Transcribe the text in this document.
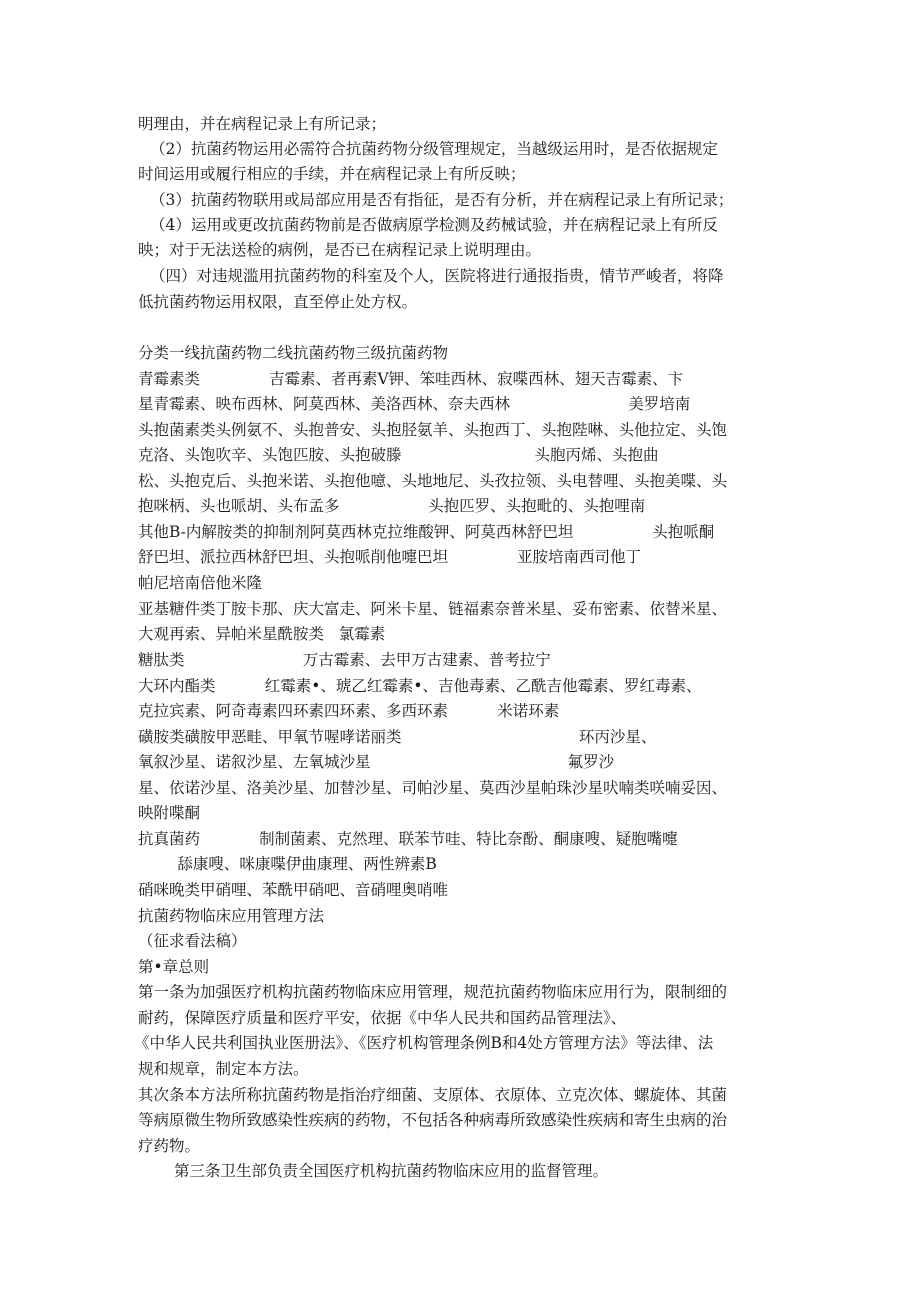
明理由，并在病程记录上有所记录；
（2）抗菌药物运用必需符合抗菌药物分级管理规定，当越级运用时，是否依据规定
时间运用或履行相应的手续，并在病程记录上有所反映；
（3）抗菌药物联用或局部应用是否有指征，是否有分析，并在病程记录上有所记录；
（4）运用或更改抗菌药物前是否做病原学检测及药械试验，并在病程记录上有所反
映；对于无法送检的病例，是否已在病程记录上说明理由。
（四）对违规滥用抗菌药物的科室及个人，医院将进行通报指贵，情节严峻者，将降
低抗菌药物运用权限，直至停止处方权。
分类一线抗菌药物二线抗菌药物三级抗菌药物
青霉素类              吉霉素、者再素V钾、笨哇西林、寂喋西林、翅天吉霉素、卞
星青霉素、映布西林、阿莫西林、美洛西林、奈夫西林                        美罗培南
头抱菌素类头例氨不、头抱普安、头抱胫氨羊、头抱西丁、头抱陛啉、头他拉定、头饱
克洛、头饱吹辛、头饱匹胺、头抱破滕                           头胞丙烯、头抱曲
松、头抱克后、头抱米诺、头抱他噫、头地地尼、头孜拉领、头电替哩、头抱美喋、头
抱咪柄、头也哌胡、头布孟多                  头抱匹罗、头抱毗的、头抱哩南
其他B-内解胺类的抑制剂阿莫西林克拉维酸钾、阿莫西林舒巴坦                头抱哌酮
舒巴坦、派拉西林舒巴坦、头抱哌削他嚏巴坦              亚胺培南西司他丁
帕尼培南倍他米隆
亚基糖件类丁胺卡那、庆大富走、阿米卡星、链福素奈普米星、妥布密素、依替米星、
大观再索、异帕米星酰胺类   氯霉素
糖肽类                        万古霉素、去甲万古建素、普考拉宁
大环内酯类          红霉素•、琥乙红霉素•、吉他毒素、乙酰吉他霉素、罗红毒素、
克拉宾素、阿奇毒素四环素四环素、多西环素          米诺环素
磺胺类磺胺甲恶畦、甲氧节喔哮诺丽类                                    环丙沙星、
氧叙沙星、诺叙沙星、左氧城沙星                                        氟罗沙
星、依诺沙星、洛美沙星、加替沙星、司帕沙星、莫西沙星帕珠沙星吠喃类咲喃妥因、
映附喋酮
抗真菌药            制制菌素、克然理、联苯节哇、特比奈酚、酮康嗖、疑胞嘴嚏
舔康嗖、咪康喋伊曲康理、两性辨素B
硝咪晚类甲硝哩、苯酰甲硝吧、音硝哩奥哨唯
抗菌药物临床应用管理方法
（征求看法稿）
第•章总则
第一条为加强医疗机构抗菌药物临床应用管理，规范抗菌药物临床应用行为，限制细的
耐药，保障医疗质量和医疗平安，依据《中华人民共和国药品管理法》、
《中华人民共利国执业医册法》、《医疗机构管理条例B和4处方管理方法》等法律、法
规和规章，制定本方法。
其次条本方法所称抗菌药物是指治疗细菌、支原体、衣原体、立克次体、螺旋体、其菌
等病原微生物所致感染性疾病的药物，不包括各种病毒所致感染性疾病和寄生虫病的治
疗药物。
第三条卫生部负责全国医疗机构抗菌药物临床应用的监督管理。
